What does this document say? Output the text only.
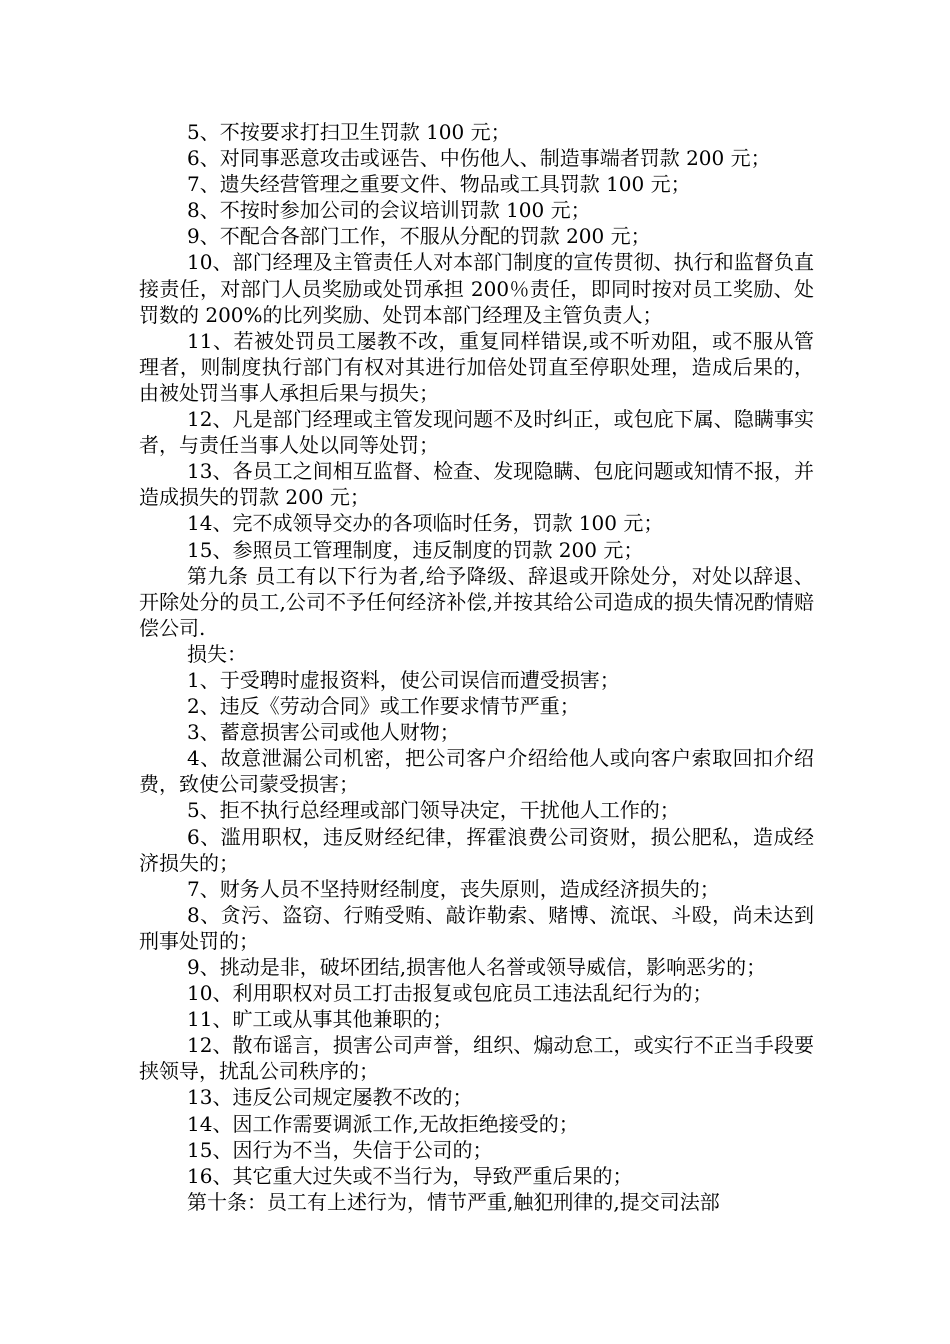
5、不按要求打扫卫生罚款 100 元；

6、对同事恶意攻击或诬告、中伤他人、制造事端者罚款 200 元；

7、遗失经营管理之重要文件、物品或工具罚款 100 元；

8、不按时参加公司的会议培训罚款 100 元；

9、不配合各部门工作，不服从分配的罚款 200 元；

10、部门经理及主管责任人对本部门制度的宣传贯彻、执行和监督负直接责任，对部门人员奖励或处罚承担 200％责任，即同时按对员工奖励、处罚数的 200%的比列奖励、处罚本部门经理及主管负责人；

11、若被处罚员工屡教不改，重复同样错误,或不听劝阻，或不服从管理者，则制度执行部门有权对其进行加倍处罚直至停职处理，造成后果的，由被处罚当事人承担后果与损失；

12、凡是部门经理或主管发现问题不及时纠正，或包庇下属、隐瞒事实者，与责任当事人处以同等处罚；

13、各员工之间相互监督、检查、发现隐瞒、包庇问题或知情不报，并造成损失的罚款 200 元；

14、完不成领导交办的各项临时任务，罚款 100 元；

15、参照员工管理制度，违反制度的罚款 200 元；

第九条 员工有以下行为者,给予降级、辞退或开除处分，对处以辞退、开除处分的员工,公司不予任何经济补偿,并按其给公司造成的损失情况酌情赔偿公司.

损失：

1、于受聘时虚报资料，使公司误信而遭受损害；

2、违反《劳动合同》或工作要求情节严重；

3、蓄意损害公司或他人财物；

4、故意泄漏公司机密，把公司客户介绍给他人或向客户索取回扣介绍费，致使公司蒙受损害；

5、拒不执行总经理或部门领导决定，干扰他人工作的；

6、滥用职权，违反财经纪律，挥霍浪费公司资财，损公肥私，造成经济损失的；

7、财务人员不坚持财经制度，丧失原则，造成经济损失的；

8、贪污、盗窃、行贿受贿、敲诈勒索、赌博、流氓、斗殴，尚未达到刑事处罚的；

9、挑动是非，破坏团结,损害他人名誉或领导威信，影响恶劣的；

10、利用职权对员工打击报复或包庇员工违法乱纪行为的；

11、旷工或从事其他兼职的；

12、散布谣言，损害公司声誉，组织、煽动怠工，或实行不正当手段要挟领导，扰乱公司秩序的；

13、违反公司规定屡教不改的；

14、因工作需要调派工作,无故拒绝接受的；

15、因行为不当，失信于公司的；

16、其它重大过失或不当行为，导致严重后果的；

第十条：员工有上述行为，情节严重,触犯刑律的,提交司法部
